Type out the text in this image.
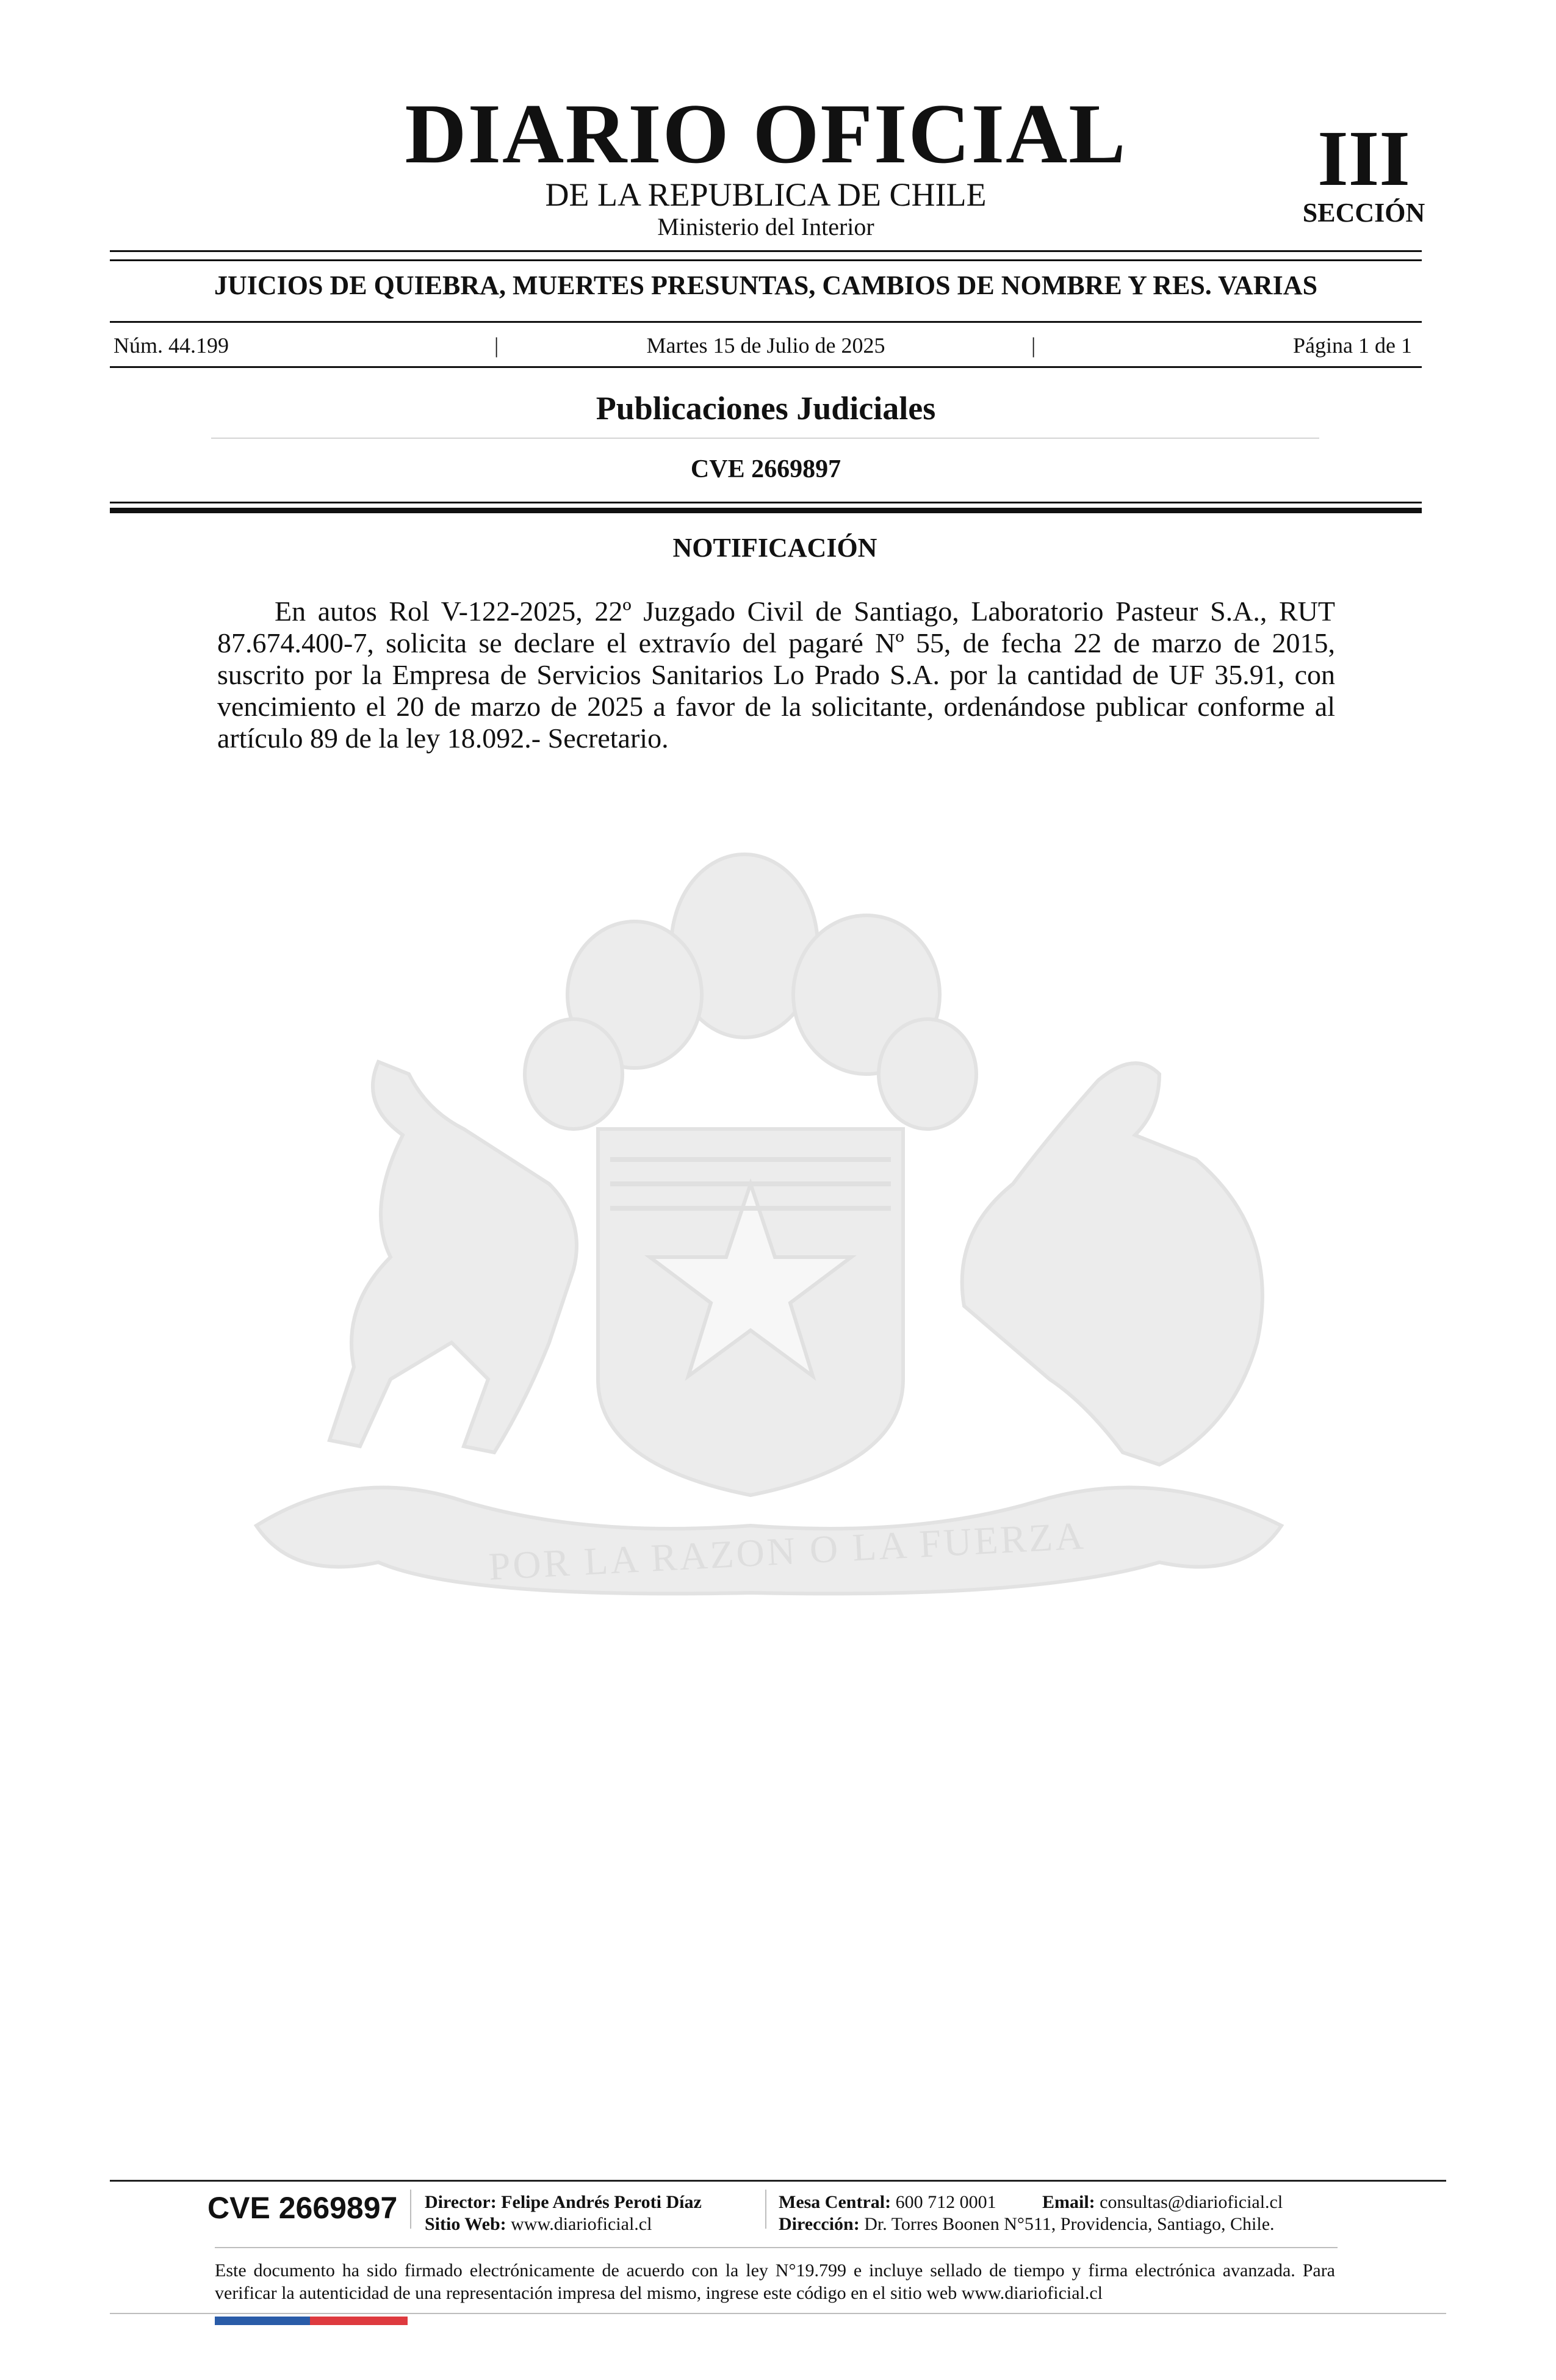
DIARIO OFICIAL
DE LA REPUBLICA DE CHILE
Ministerio del Interior
III
SECCIÓN
JUICIOS DE QUIEBRA, MUERTES PRESUNTAS, CAMBIOS DE NOMBRE Y RES. VARIAS
Núm. 44.199	|	Martes 15 de Julio de 2025	|	Página 1 de 1
Publicaciones Judiciales
CVE 2669897
NOTIFICACIÓN

En autos Rol V-122-2025, 22º Juzgado Civil de Santiago, Laboratorio Pasteur S.A., RUT 87.674.400-7, solicita se declare el extravío del pagaré Nº 55, de fecha 22 de marzo de 2015, suscrito por la Empresa de Servicios Sanitarios Lo Prado S.A. por la cantidad de UF 35.91, con vencimiento el 20 de marzo de 2025 a favor de la solicitante, ordenándose publicar conforme al artículo 89 de la ley 18.092.- Secretario.

POR LA RAZON O LA FUERZA
CVE 2669897 Director: Felipe Andrés Peroti Díaz
Sitio Web: www.diarioficial.cl
Mesa Central: 600 712 0001	Email: consultas@diarioficial.cl
Dirección: Dr. Torres Boonen N°511, Providencia, Santiago, Chile.

Este documento ha sido firmado electrónicamente de acuerdo con la ley N°19.799 e incluye sellado de tiempo y firma electrónica avanzada. Para verificar la autenticidad de una representación impresa del mismo, ingrese este código en el sitio web www.diarioficial.cl
